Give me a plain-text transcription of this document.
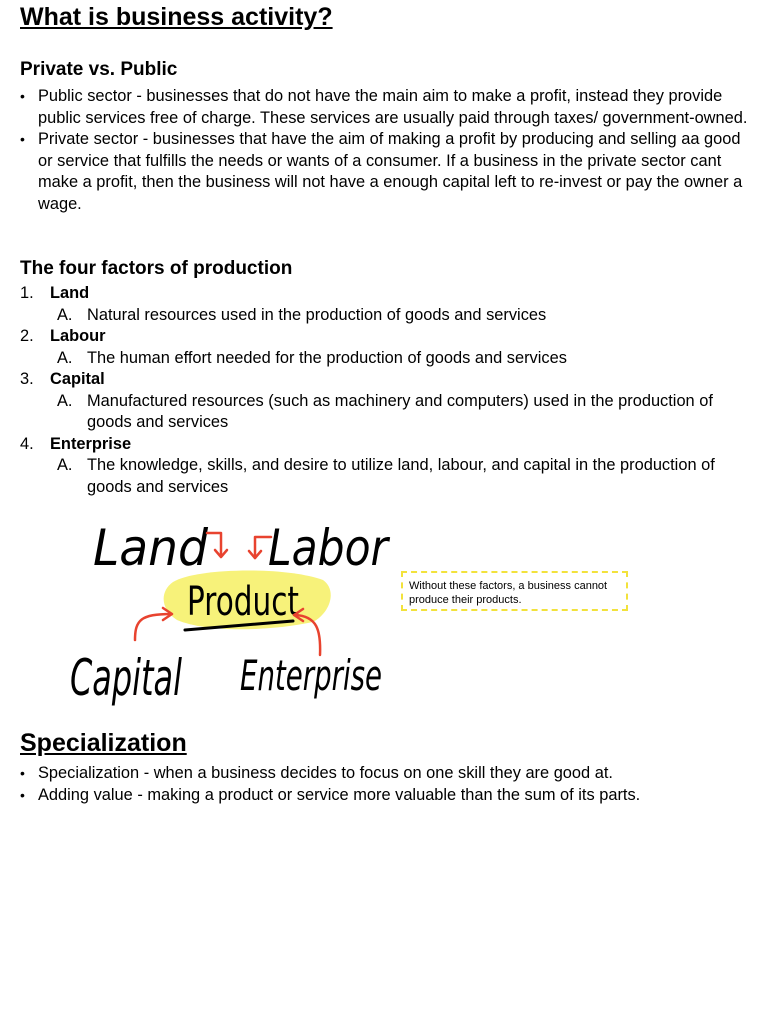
What is business activity?
Private vs. Public
• Public sector - businesses that do not have the main aim to make a profit, instead they provide public services free of charge. These services are usually paid through taxes/ government-owned.
• Private sector - businesses that have the aim of making a profit by producing and selling aa good or service that fulfills the needs or wants of a consumer. If a business in the private sector cant make a profit, then the business will not have a enough capital left to re-invest or pay the owner a wage.
The four factors of production
1. Land
A. Natural resources used in the production of goods and services
2. Labour
A. The human effort needed for the production of goods and services
3. Capital
A. Manufactured resources (such as machinery and computers) used in the production of goods and services
4. Enterprise
A. The knowledge, skills, and desire to utilize land, labour, and capital in the production of goods and services
Land Labor
Product
Capital Enterprise
Without these factors, a business cannot produce their products.
Specialization
• Specialization - when a business decides to focus on one skill they are good at.
• Adding value - making a product or service more valuable than the sum of its parts.
